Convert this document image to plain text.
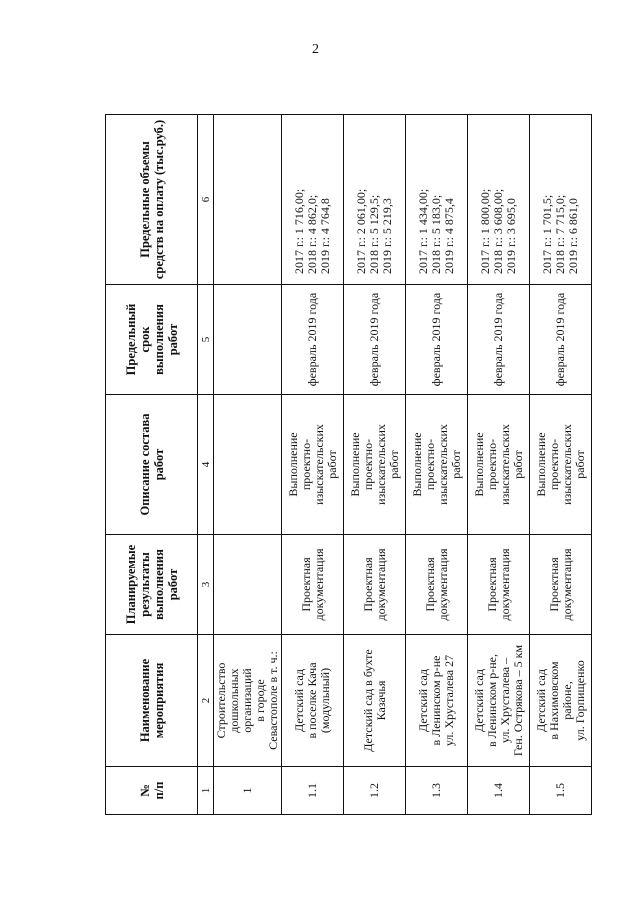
2
№
п/п	Наименование
мероприятия	Планируемые
результаты
выполнения
работ	Описание состава
работ	Предельный
срок
выполнения
работ	Предельные объемы
средств на оплату (тыс.руб.)
1	2	3	4	5	6
1	Строительство
дошкольных
организаций
в городе
Севастополе в т. ч.:				
1.1	Детский сад
в поселке Кача
(модульный)	Проектная
документация	Выполнение
проектно-
изыскательских
работ	февраль 2019 года	2017 г.: 1 716,00;
2018 г.: 4 862,0;
2019 г.: 4 764,8
1.2	Детский сад в бухте
Казачья	Проектная
документация	Выполнение
проектно-
изыскательских
работ	февраль 2019 года	2017 г.: 2 061,00;
2018 г.: 5 129,5;
2019 г.: 5 219,3
1.3	Детский сад
в Ленинском р-не
ул. Хрусталева 27	Проектная
документация	Выполнение
проектно-
изыскательских
работ	февраль 2019 года	2017 г.: 1 434,00;
2018 г.: 5 183,0;
2019 г.: 4 875,4
1.4	Детский сад
в Ленинском р-не,
ул. Хрусталева –
Ген. Острякова – 5 км	Проектная
документация	Выполнение
проектно-
изыскательских
работ	февраль 2019 года	2017 г.: 1 800,00;
2018 г.: 3 608,00;
2019 г.: 3 695,0
1.5	Детский сад
в Нахимовском
районе,
ул. Горпищенко	Проектная
документация	Выполнение
проектно-
изыскательских
работ	февраль 2019 года	2017 г.: 1 701,5;
2018 г.: 7 715,0;
2019 г.: 6 861,0
